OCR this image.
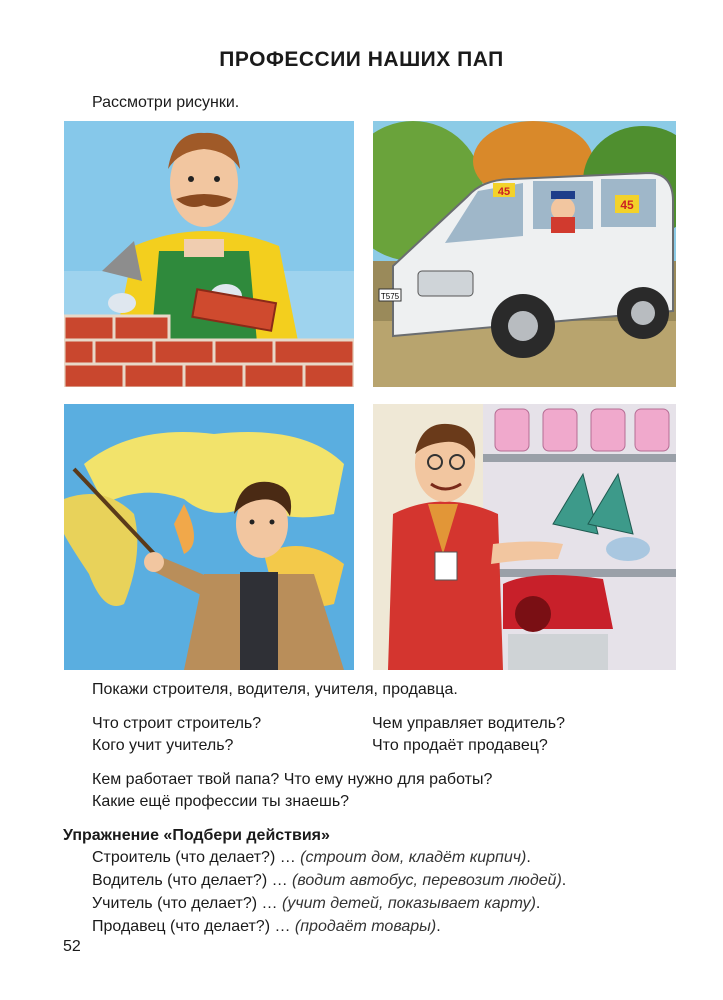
ПРОФЕССИИ НАШИХ ПАП
Рассмотри рисунки.
45
45
Т575
Покажи строителя, водителя, учителя, продавца.
Что строит строитель?	Чем управляет водитель?
Кого учит учитель?	Что продаёт продавец?
Кем работает твой папа? Что ему нужно для работы?
Какие ещё профессии ты знаешь?
Упражнение «Подбери действия»
Строитель (что делает?) … (строит дом, кладёт кирпич).
Водитель (что делает?) … (водит автобус, перевозит людей).
Учитель (что делает?) … (учит детей, показывает карту).
Продавец (что делает?) … (продаёт товары).
52
